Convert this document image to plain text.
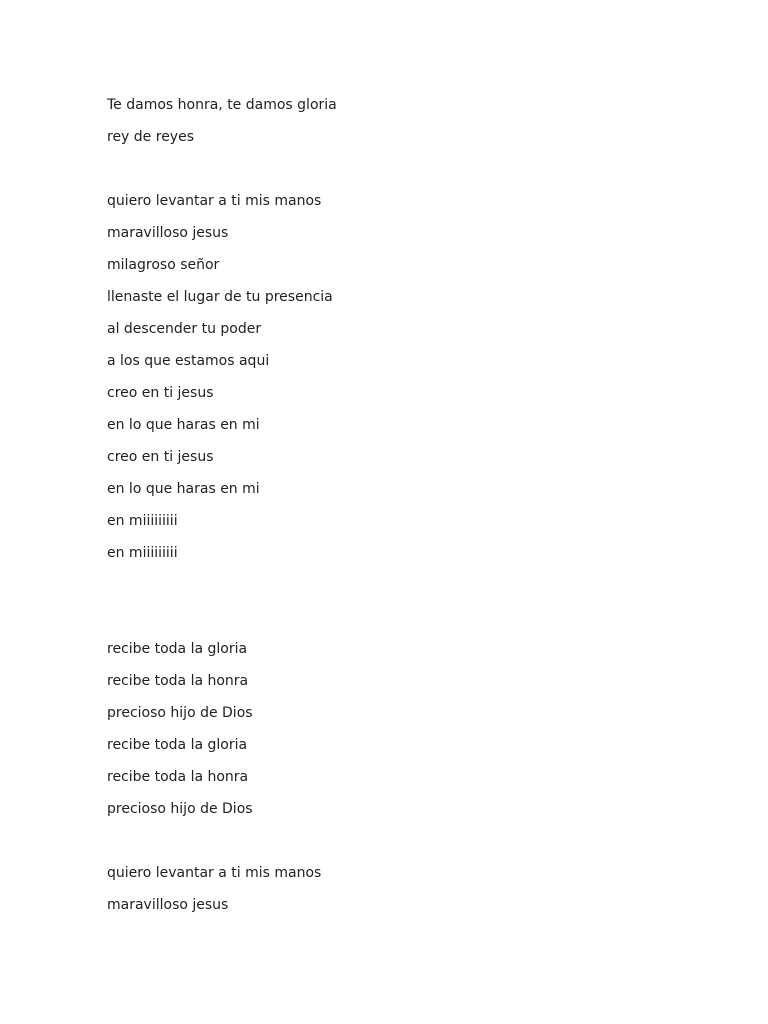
Te damos honra, te damos gloria
rey de reyes
quiero levantar a ti mis manos
maravilloso jesus
milagroso señor
llenaste el lugar de tu presencia
al descender tu poder
a los que estamos aqui
creo en ti jesus
en lo que haras en mi
creo en ti jesus
en lo que haras en mi
en miiiiiiiii
en miiiiiiiii
recibe toda la gloria
recibe toda la honra
precioso hijo de Dios
recibe toda la gloria
recibe toda la honra
precioso hijo de Dios
quiero levantar a ti mis manos
maravilloso jesus
